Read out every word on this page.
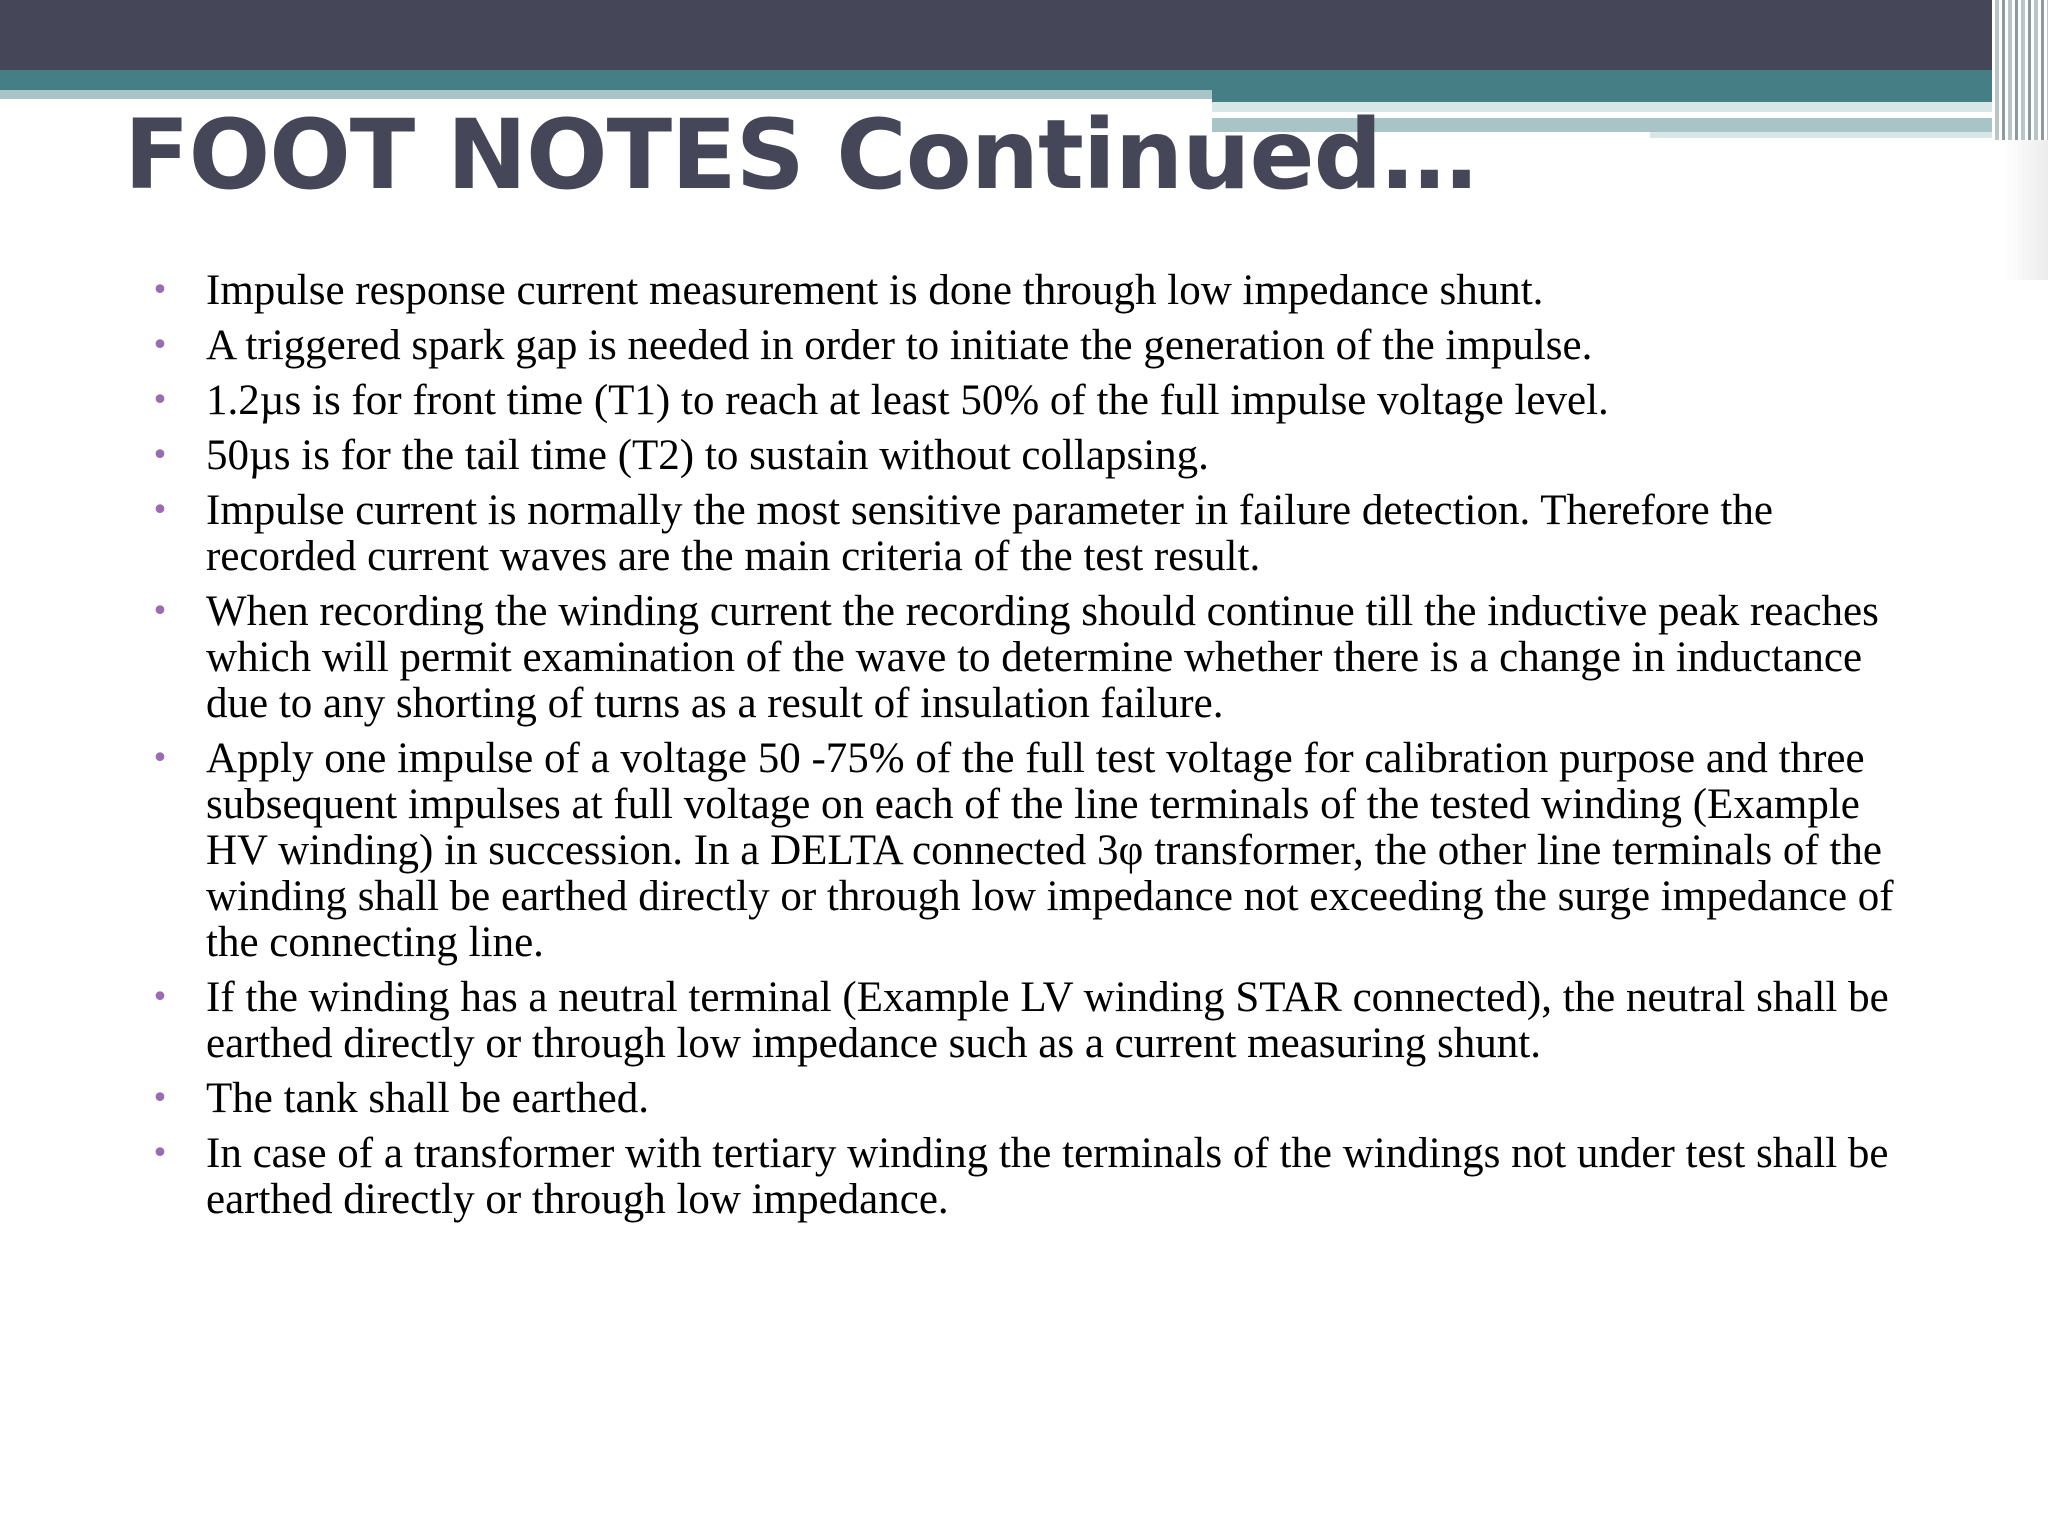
FOOT NOTES Continued…
• Impulse response current measurement is done through low impedance shunt.
• A triggered spark gap is needed in order to initiate the generation of the impulse.
• 1.2µs is for front time (T1) to reach at least 50% of the full impulse voltage level.
• 50µs is for the tail time (T2) to sustain without collapsing.
• Impulse current is normally the most sensitive parameter in failure detection. Therefore the recorded current waves are the main criteria of the test result.
• When recording the winding current the recording should continue till the inductive peak reaches which will permit examination of the wave to determine whether there is a change in inductance due to any shorting of turns as a result of insulation failure.
• Apply one impulse of a voltage 50 -75% of the full test voltage for calibration purpose and three subsequent impulses at full voltage on each of the line terminals of the tested winding (Example HV winding) in succession. In a DELTA connected 3φ transformer, the other line terminals of the winding shall be earthed directly or through low impedance not exceeding the surge impedance of the connecting line.
• If the winding has a neutral terminal (Example LV winding STAR connected), the neutral shall be earthed directly or through low impedance such as a current measuring shunt.
• The tank shall be earthed.
• In case of a transformer with tertiary winding the terminals of the windings not under test shall be earthed directly or through low impedance.
